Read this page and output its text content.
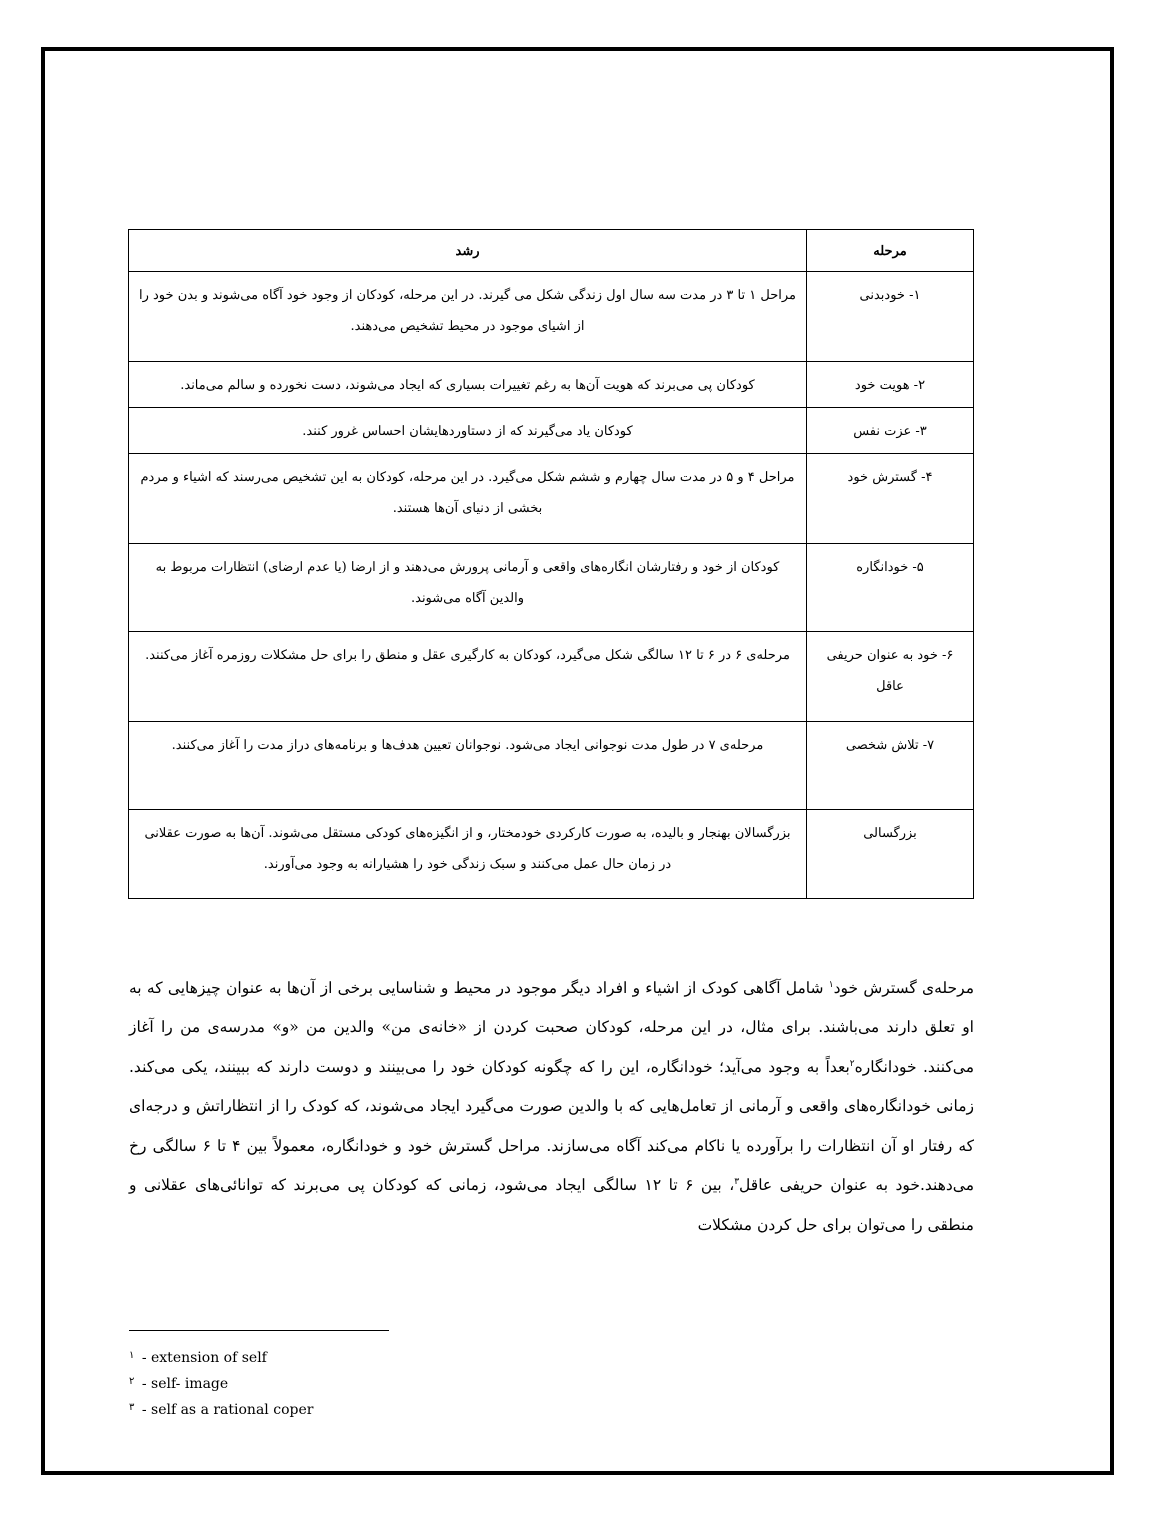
مرحله	رشد
۱- خودبدنی	مراحل ۱ تا ۳ در مدت سه سال اول زندگی شکل می گیرند. در این مرحله، کودکان از وجود خود آگاه می‌شوند و بدن خود را از اشیای موجود در محیط تشخیص می‌دهند.
۲- هویت خود	کودکان پی می‌برند که هویت آن‌ها به رغم تغییرات بسیاری که ایجاد می‌شوند، دست نخورده و سالم می‌ماند.
۳- عزت نفس	کودکان یاد می‌گیرند که از دستاوردهایشان احساس غرور کنند.
۴- گسترش خود	مراحل ۴ و ۵ در مدت سال چهارم و ششم شکل می‌گیرد. در این مرحله، کودکان به این تشخیص می‌رسند که اشیاء و مردم بخشی از دنیای آن‌ها هستند.
۵- خودانگاره	کودکان از خود و رفتارشان انگاره‌های واقعی و آرمانی پرورش می‌دهند و از ارضا (یا عدم ارضای) انتظارات مربوط به والدین آگاه می‌شوند.
۶- خود به عنوان حریفی عاقل	مرحله‌ی ۶ در ۶ تا ۱۲ سالگی شکل می‌گیرد، کودکان به کارگیری عقل و منطق را برای حل مشکلات روزمره آغاز می‌کنند.
۷- تلاش شخصی	مرحله‌ی ۷ در طول مدت نوجوانی ایجاد می‌شود. نوجوانان تعیین هدف‌ها و برنامه‌های دراز مدت را آغاز می‌کنند.
بزرگسالی	بزرگسالان بهنجار و بالیده، به صورت کارکردی خودمختار، و از انگیزه‌های کودکی مستقل می‌شوند. آن‌ها به صورت عقلانی در زمان حال عمل می‌کنند و سبک زندگی خود را هشیارانه به وجود می‌آورند.

مرحله‌ی گسترش خود$^۱$ شامل آگاهی کودک از اشیاء و افراد دیگر موجود در محیط و شناسایی برخی از آن‌ها به عنوان چیزهایی که به او تعلق دارند می‌باشند. برای مثال، در این مرحله، کودکان صحبت کردن از «خانه‌ی من» والدین من «و» مدرسه‌ی من را آغاز می‌کنند. خودانگاره$^۲$بعداً به وجود می‌آید؛ خودانگاره، این را که چگونه کودکان خود را می‌بینند و دوست دارند که ببینند، یکی می‌کند. زمانی خودانگاره‌های واقعی و آرمانی از تعامل‌هایی که با والدین صورت می‌گیرد ایجاد می‌شوند، که کودک را از انتظاراتش و درجه‌ای که رفتار او آن انتظارات را برآورده یا ناکام می‌کند آگاه می‌سازند. مراحل گسترش خود و خودانگاره، معمولاً بین ۴ تا ۶ سالگی رخ می‌دهند.خود به عنوان حریفی عاقل$^۳$، بین ۶ تا ۱۲ سالگی ایجاد می‌شود، زمانی که کودکان پی می‌برند که توانائی‌های عقلانی و منطقی را می‌توان برای حل کردن مشکلات

$^۱$ - extension of self
$^۲$ - self- image
$^۳$ - self as a rational coper
